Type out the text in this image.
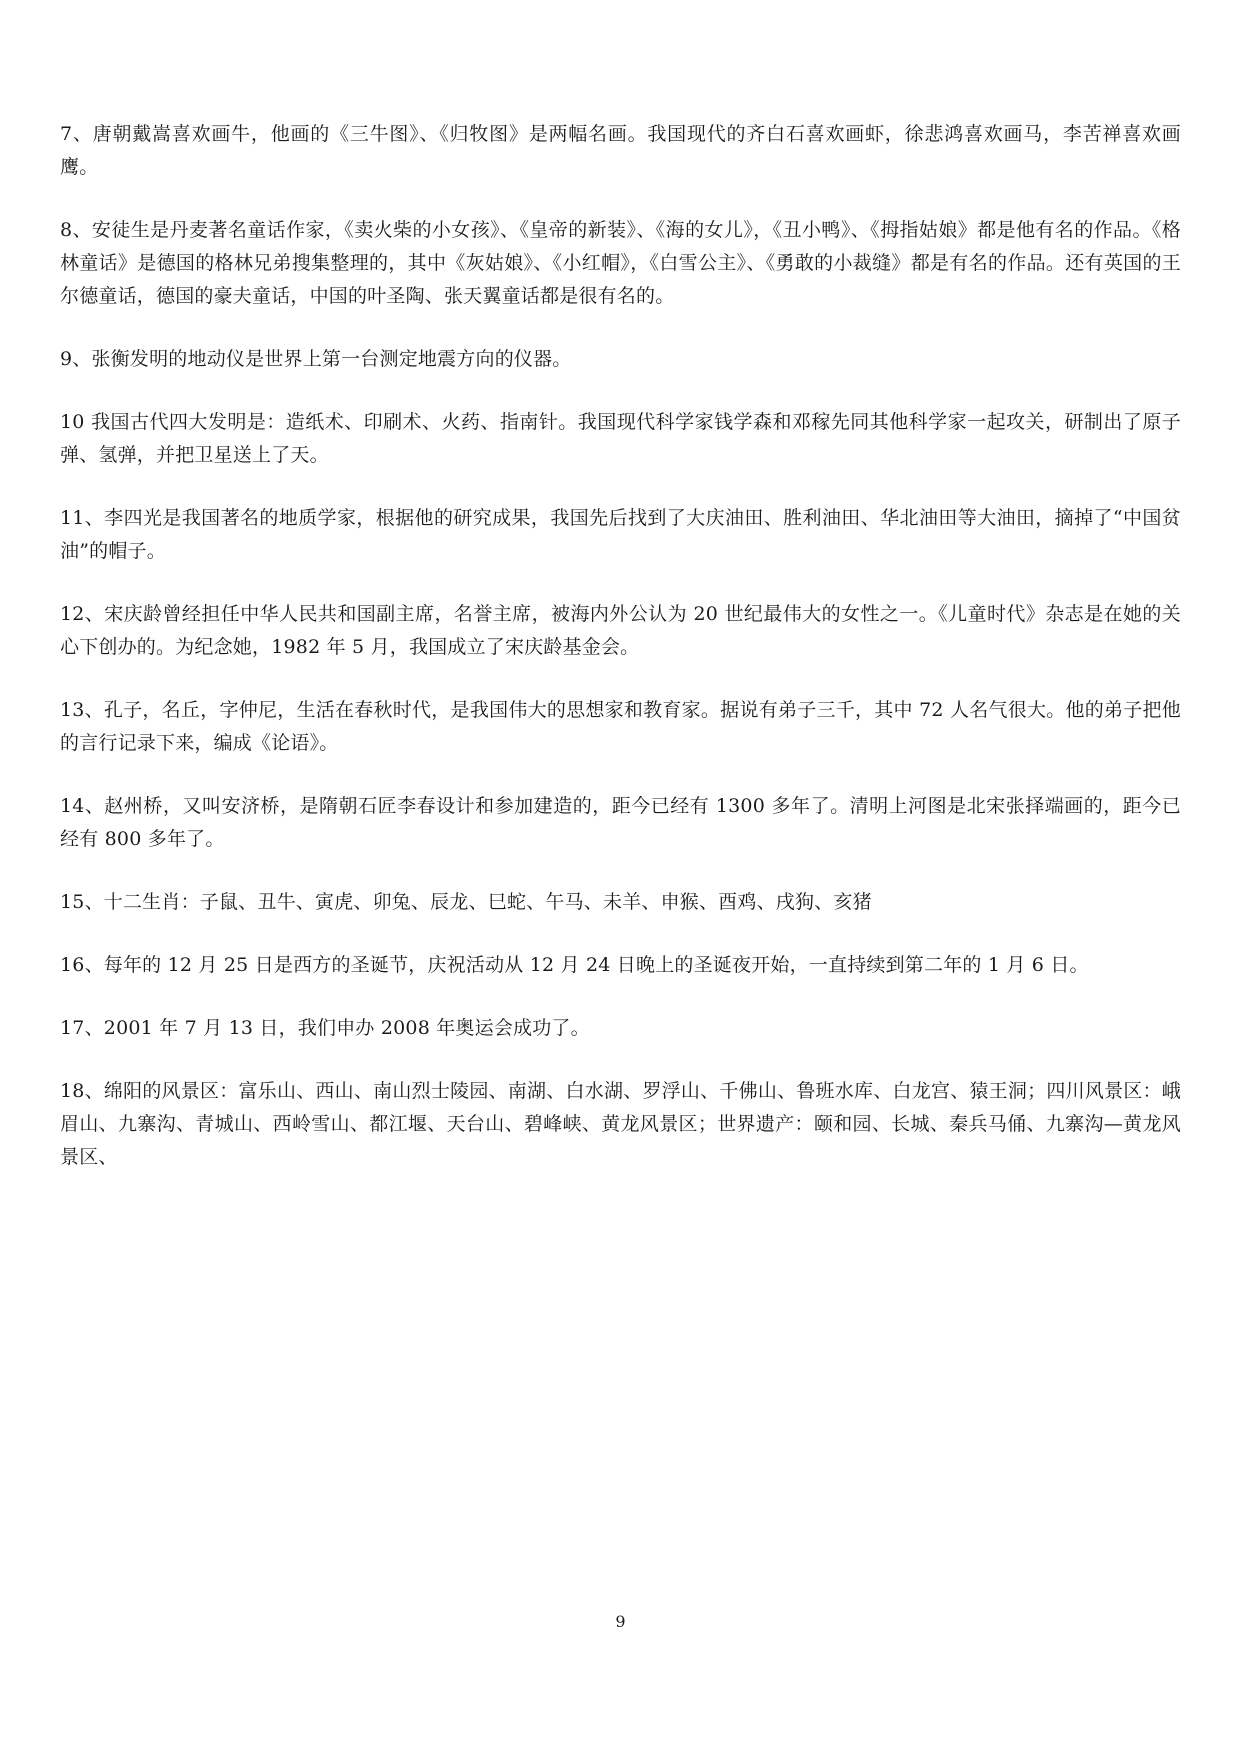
7、唐朝戴嵩喜欢画牛，他画的《三牛图》、《归牧图》是两幅名画。我国现代的齐白石喜欢画虾，徐悲鸿喜欢画马，李苦禅喜欢画鹰。

8、安徒生是丹麦著名童话作家，《卖火柴的小女孩》、《皇帝的新装》、《海的女儿》，《丑小鸭》、《拇指姑娘》都是他有名的作品。《格林童话》是德国的格林兄弟搜集整理的，其中《灰姑娘》、《小红帽》，《白雪公主》、《勇敢的小裁缝》都是有名的作品。还有英国的王尔德童话，德国的豪夫童话，中国的叶圣陶、张天翼童话都是很有名的。

9、张衡发明的地动仪是世界上第一台测定地震方向的仪器。

10 我国古代四大发明是：造纸术、印刷术、火药、指南针。我国现代科学家钱学森和邓稼先同其他科学家一起攻关，研制出了原子弹、氢弹，并把卫星送上了天。

11、李四光是我国著名的地质学家，根据他的研究成果，我国先后找到了大庆油田、胜利油田、华北油田等大油田，摘掉了“中国贫油”的帽子。

12、宋庆龄曾经担任中华人民共和国副主席，名誉主席，被海内外公认为 20 世纪最伟大的女性之一。《儿童时代》杂志是在她的关心下创办的。为纪念她，1982 年 5 月，我国成立了宋庆龄基金会。

13、孔子，名丘，字仲尼，生活在春秋时代，是我国伟大的思想家和教育家。据说有弟子三千，其中 72 人名气很大。他的弟子把他的言行记录下来，编成《论语》。

14、赵州桥，又叫安济桥，是隋朝石匠李春设计和参加建造的，距今已经有 1300 多年了。清明上河图是北宋张择端画的，距今已经有 800 多年了。

15、十二生肖：子鼠、丑牛、寅虎、卯兔、辰龙、巳蛇、午马、未羊、申猴、酉鸡、戌狗、亥猪

16、每年的 12 月 25 日是西方的圣诞节，庆祝活动从 12 月 24 日晚上的圣诞夜开始，一直持续到第二年的 1 月 6 日。

17、2001 年 7 月 13 日，我们申办 2008 年奥运会成功了。

18、绵阳的风景区：富乐山、西山、南山烈士陵园、南湖、白水湖、罗浮山、千佛山、鲁班水库、白龙宫、猿王洞；四川风景区：峨眉山、九寨沟、青城山、西岭雪山、都江堰、天台山、碧峰峡、黄龙风景区；世界遗产：颐和园、长城、秦兵马俑、九寨沟—黄龙风景区、

9
